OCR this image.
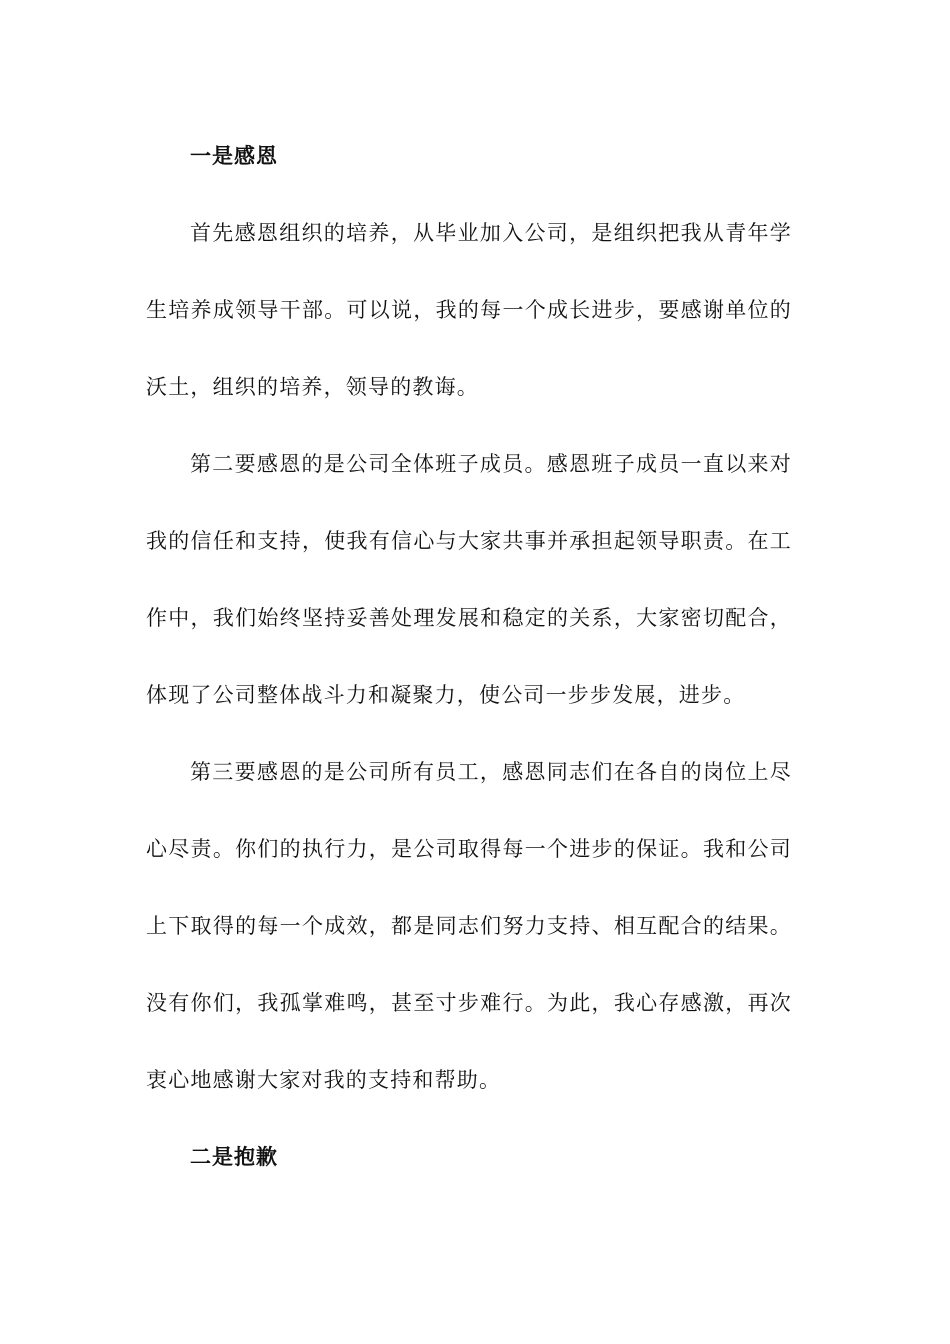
一是感恩

首先感恩组织的培养，从毕业加入公司，是组织把我从青年学生培养成领导干部。可以说，我的每一个成长进步，要感谢单位的沃土，组织的培养，领导的教诲。

第二要感恩的是公司全体班子成员。感恩班子成员一直以来对我的信任和支持，使我有信心与大家共事并承担起领导职责。在工作中，我们始终坚持妥善处理发展和稳定的关系，大家密切配合，体现了公司整体战斗力和凝聚力，使公司一步步发展，进步。

第三要感恩的是公司所有员工，感恩同志们在各自的岗位上尽心尽责。你们的执行力，是公司取得每一个进步的保证。我和公司上下取得的每一个成效，都是同志们努力支持、相互配合的结果。没有你们，我孤掌难鸣，甚至寸步难行。为此，我心存感激，再次衷心地感谢大家对我的支持和帮助。

二是抱歉
